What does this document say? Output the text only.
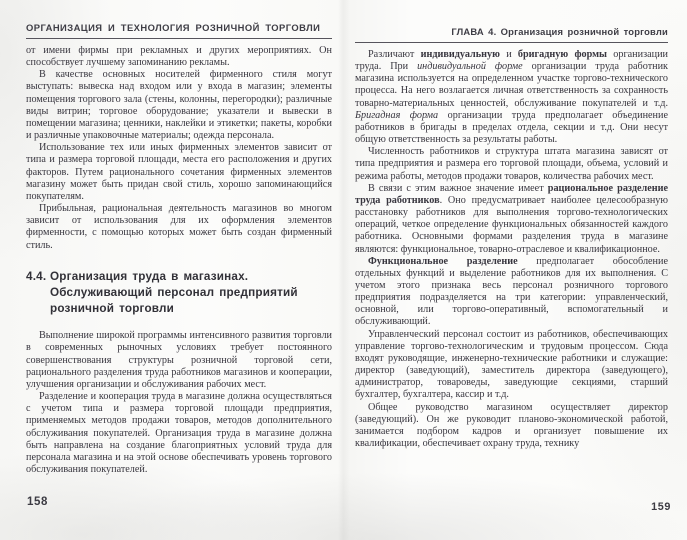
ОРГАНИЗАЦИЯ И ТЕХНОЛОГИЯ РОЗНИЧНОЙ ТОРГОВЛИ

от имени фирмы при рекламных и других мероприятиях. Он способствует лучшему запоминанию рекламы.

В качестве основных носителей фирменного стиля могут выступать: вывеска над входом или у входа в магазин; элементы помещения торгового зала (стены, колонны, перегородки); различные виды витрин; торговое оборудование; указатели и вывески в помещении магазина; ценники, наклейки и этикетки; пакеты, коробки и различные упаковочные материалы; одежда персонала.

Использование тех или иных фирменных элементов зависит от типа и размера торговой площади, места его расположения и других факторов. Путем рационального сочетания фирменных элементов магазину может быть придан свой стиль, хорошо запоминающийся покупателям.

Прибыльная, рациональная деятельность магазинов во многом зависит от использования для их оформления элементов фирменности, с помощью которых может быть создан фирменный стиль.

4.4. Организация труда в магазинах.
Обслуживающий персонал предприятий
розничной торговли

Выполнение широкой программы интенсивного развития торговли в современных рыночных условиях требует постоянного совершенствования структуры розничной торговой сети, рационального разделения труда работников магазинов и кооперации, улучшения организации и обслуживания рабочих мест.

Разделение и кооперация труда в магазине должна осуществляться с учетом типа и размера торговой площади предприятия, применяемых методов продажи товаров, методов дополнительного обслуживания покупателей. Организация труда в магазине должна быть направлена на создание благоприятных условий труда для персонала магазина и на этой основе обеспечивать уровень торгового обслуживания покупателей.

ГЛАВА 4. Организация розничной торговли

Различают индивидуальную и бригадную формы организации труда. При индивидуальной форме организации труда работник магазина используется на определенном участке торгово-технического процесса. На него возлагается личная ответственность за сохранность товарно-материальных ценностей, обслуживание покупателей и т.д. Бригадная форма организации труда предполагает объединение работников в бригады в пределах отдела, секции и т.д. Они несут общую ответственность за результаты работы.

Численность работников и структура штата магазина зависят от типа предприятия и размера его торговой площади, объема, условий и режима работы, методов продажи товаров, количества рабочих мест.

В связи с этим важное значение имеет рациональное разделение труда работников. Оно предусматривает наиболее целесообразную расстановку работников для выполнения торгово-технологических операций, четкое определение функциональных обязанностей каждого работника. Основными формами разделения труда в магазине являются: функциональное, товарно-отраслевое и квалификационное.

Функциональное разделение предполагает обособление отдельных функций и выделение работников для их выполнения. С учетом этого признака весь персонал розничного торгового предприятия подразделяется на три категории: управленческий, основной, или торгово-оперативный, вспомогательный и обслуживающий.

Управленческий персонал состоит из работников, обеспечивающих управление торгово-технологическим и трудовым процессом. Сюда входят руководящие, инженерно-технические работники и служащие: директор (заведующий), заместитель директора (заведующего), администратор, товароведы, заведующие секциями, старший бухгалтер, бухгалтера, кассир и т.д.

Общее руководство магазином осуществляет директор (заведующий). Он же руководит планово-экономической работой, занимается подбором кадров и организует повышение их квалификации, обеспечивает охрану труда, технику

158	159
